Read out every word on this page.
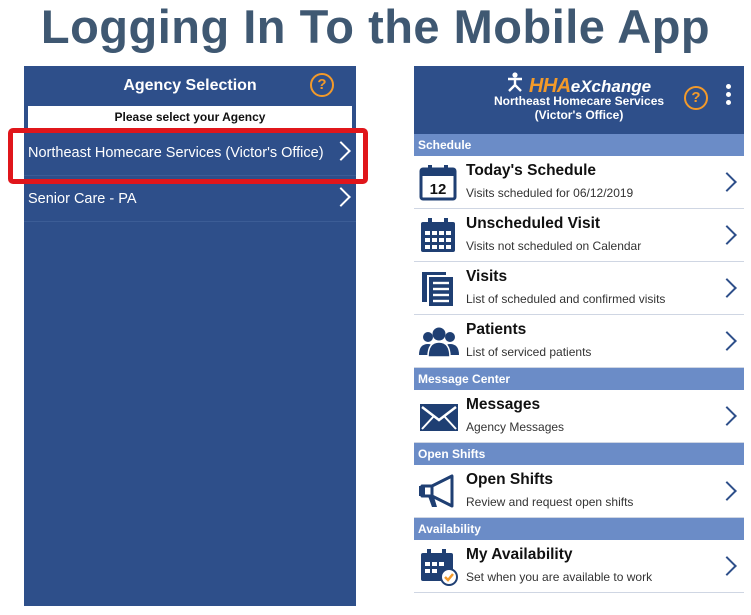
Logging In To the Mobile App
Agency Selection	?
Please select your Agency
Northeast Homecare Services (Victor's Office)
Senior Care - PA
HHAeXchange
Northeast Homecare Services
(Victor's Office)
?
Schedule
12
Today's Schedule
Visits scheduled for 06/12/2019
Unscheduled Visit
Visits not scheduled on Calendar
Visits
List of scheduled and confirmed visits
Patients
List of serviced patients
Message Center
Messages
Agency Messages
Open Shifts
Open Shifts
Review and request open shifts
Availability
My Availability
Set when you are available to work
